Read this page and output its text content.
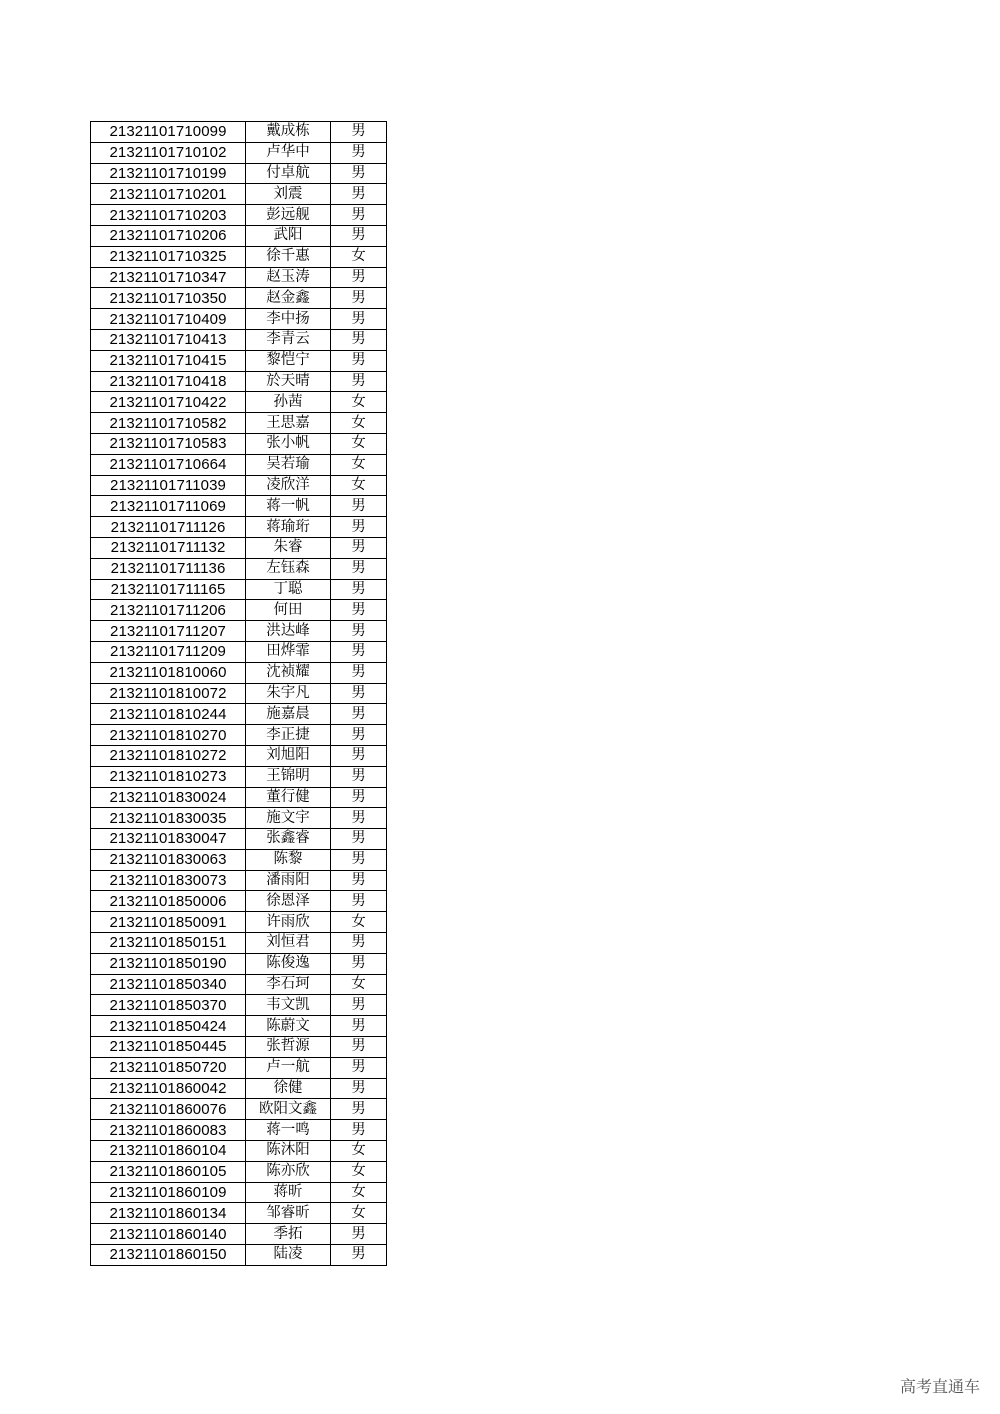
21321101710099	戴成栋	男
21321101710102	卢华中	男
21321101710199	付卓航	男
21321101710201	刘震	男
21321101710203	彭远舰	男
21321101710206	武阳	男
21321101710325	徐千惠	女
21321101710347	赵玉涛	男
21321101710350	赵金鑫	男
21321101710409	李中扬	男
21321101710413	李青云	男
21321101710415	黎恺宁	男
21321101710418	於天晴	男
21321101710422	孙茜	女
21321101710582	王思嘉	女
21321101710583	张小帆	女
21321101710664	吴若瑜	女
21321101711039	凌欣洋	女
21321101711069	蒋一帆	男
21321101711126	蒋瑜珩	男
21321101711132	朱睿	男
21321101711136	左钰森	男
21321101711165	丁聪	男
21321101711206	何田	男
21321101711207	洪达峰	男
21321101711209	田烨霏	男
21321101810060	沈祯耀	男
21321101810072	朱宇凡	男
21321101810244	施嘉晨	男
21321101810270	李正捷	男
21321101810272	刘旭阳	男
21321101810273	王锦明	男
21321101830024	董行健	男
21321101830035	施文宇	男
21321101830047	张鑫睿	男
21321101830063	陈黎	男
21321101830073	潘雨阳	男
21321101850006	徐恩泽	男
21321101850091	许雨欣	女
21321101850151	刘恒君	男
21321101850190	陈俊逸	男
21321101850340	李石珂	女
21321101850370	韦文凯	男
21321101850424	陈蔚文	男
21321101850445	张哲源	男
21321101850720	卢一航	男
21321101860042	徐健	男
21321101860076	欧阳文鑫	男
21321101860083	蒋一鸣	男
21321101860104	陈沐阳	女
21321101860105	陈亦欣	女
21321101860109	蒋昕	女
21321101860134	邹睿昕	女
21321101860140	季拓	男
21321101860150	陆凌	男
高考直通车
